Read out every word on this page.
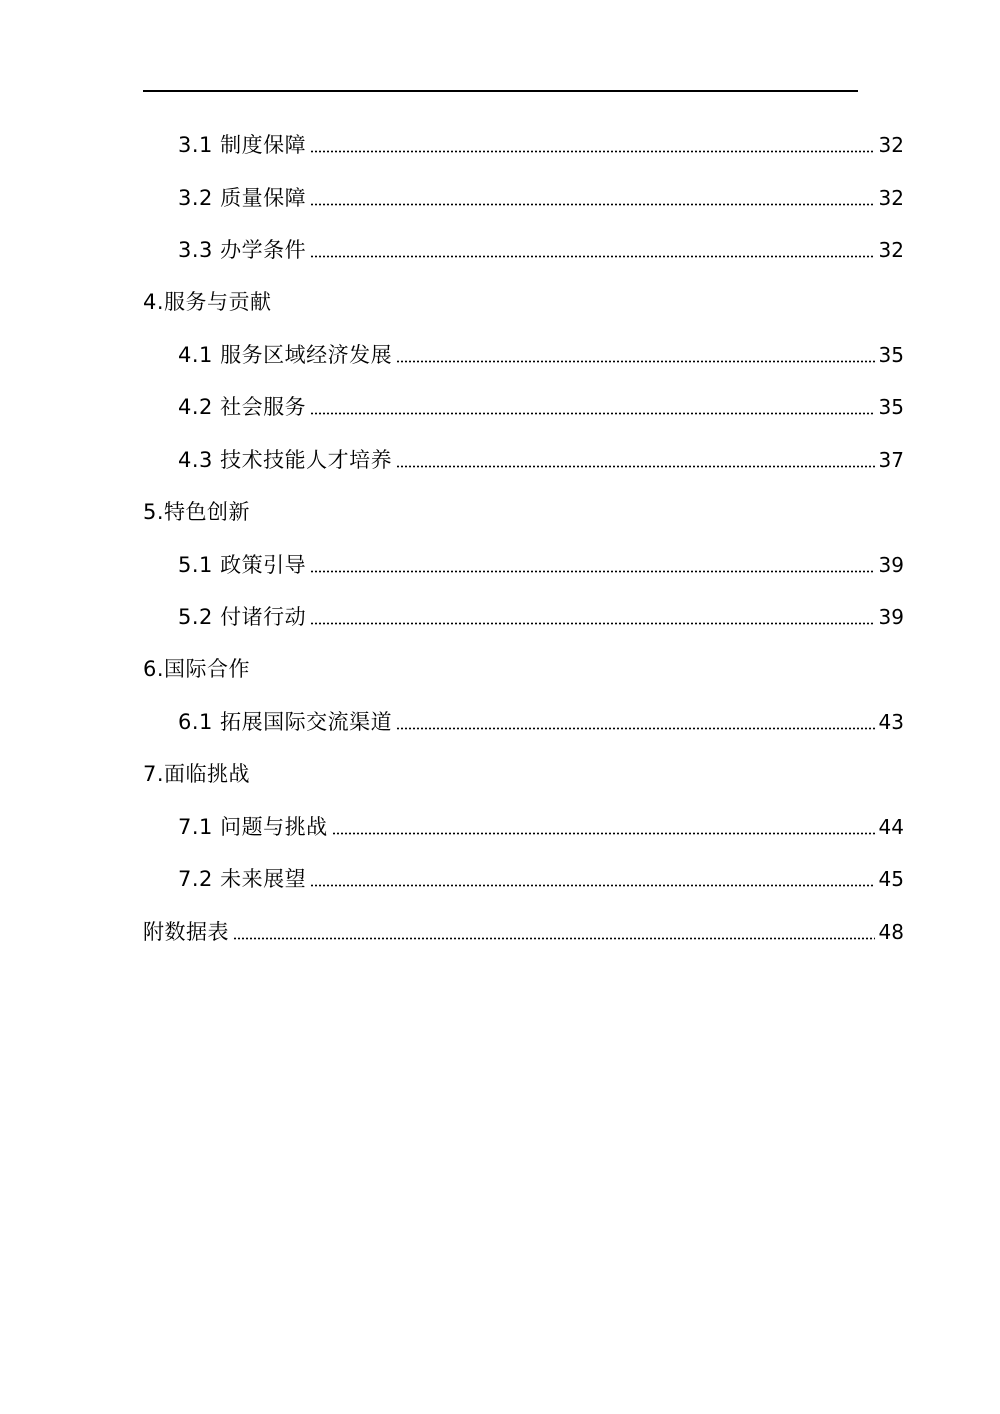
3.1 制度保障	32
3.2 质量保障	32
3.3 办学条件	32
4.服务与贡献
4.1 服务区域经济发展	35
4.2 社会服务	35
4.3 技术技能人才培养	37
5.特色创新
5.1 政策引导	39
5.2 付诸行动	39
6.国际合作
6.1 拓展国际交流渠道	43
7.面临挑战
7.1 问题与挑战	44
7.2 未来展望	45
附数据表	48
